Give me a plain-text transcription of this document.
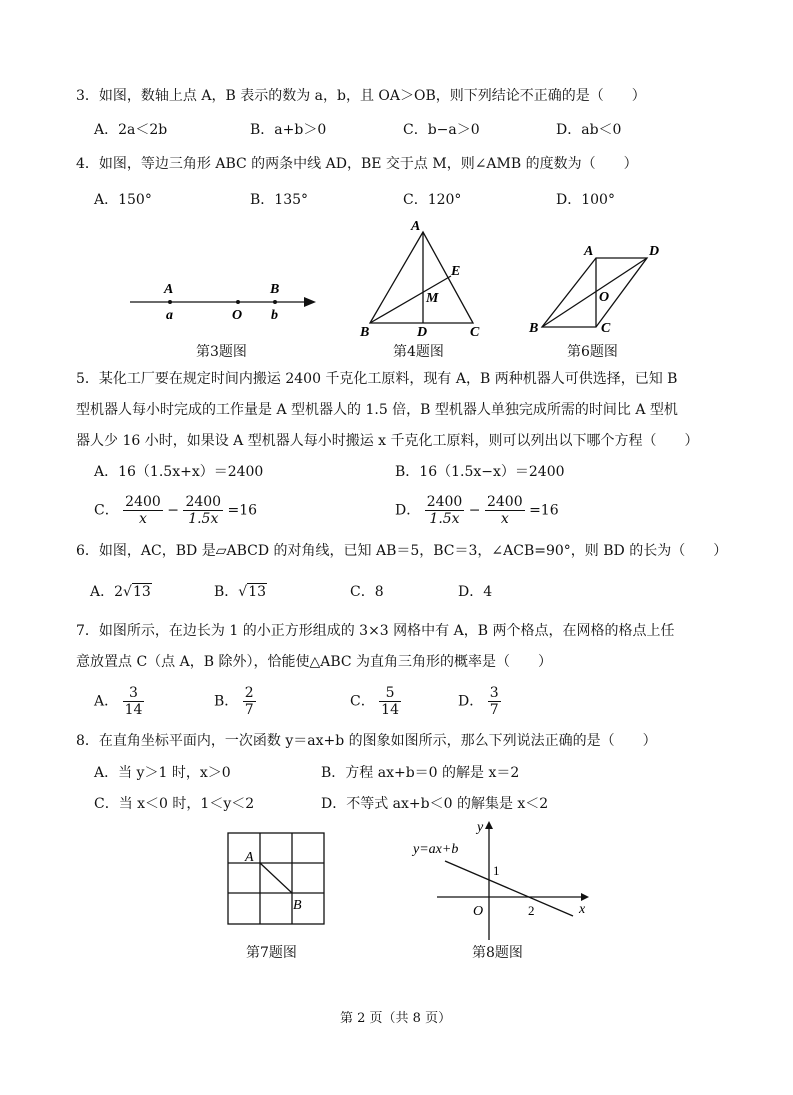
3．如图，数轴上点 A，B 表示的数为 a，b，且 OA＞OB，则下列结论不正确的是（　　）
A．2a＜2b	B．a+b＞0	C．b−a＞0	D．ab＜0
4．如图，等边三角形 ABC 的两条中线 AD，BE 交于点 M，则∠AMB 的度数为（　　）
A．150°	B．135°	C．120°	D．100°
A	B
a	O b
第3题图
A
E
M
B	D	C
第4题图
A	D
O
B	C
第6题图
5．某化工厂要在规定时间内搬运 2400 千克化工原料，现有 A，B 两种机器人可供选择，已知 B
型机器人每小时完成的工作量是 A 型机器人的 1.5 倍，B 型机器人单独完成所需的时间比 A 型机
器人少 16 小时，如果设 A 型机器人每小时搬运 x 千克化工原料，则可以列出以下哪个方程（　　）
A．16（1.5x+x）＝2400	B．16（1.5x−x）＝2400
C． $\frac{2400}{x} - \frac{2400}{1.5x} =16$	D． $\frac{2400}{1.5x} - \frac{2400}{x} =16$
6．如图，AC，BD 是▱ABCD 的对角线，已知 AB＝5，BC＝3，∠ACB=90°，则 BD 的长为（　　）
A．2√13	B．√13	C．8	D．4
7．如图所示，在边长为 1 的小正方形组成的 3×3 网格中有 A，B 两个格点，在网格的格点上任
意放置点 C（点 A，B 除外），恰能使△ABC 为直角三角形的概率是（　　）
A． $\frac{3}{14}$	B． $\frac{2}{7}$	C． $\frac{5}{14}$	D． $\frac{3}{7}$
8．在直角坐标平面内，一次函数 y＝ax+b 的图象如图所示，那么下列说法正确的是（　　）
A．当 y＞1 时，x＞0	B．方程 ax+b＝0 的解是 x＝2
C．当 x＜0 时，1＜y＜2	D．不等式 ax+b＜0 的解集是 x＜2
A
B
第7题图
y
y=ax+b
1
O	2	x
第8题图
第 2 页（共 8 页）
